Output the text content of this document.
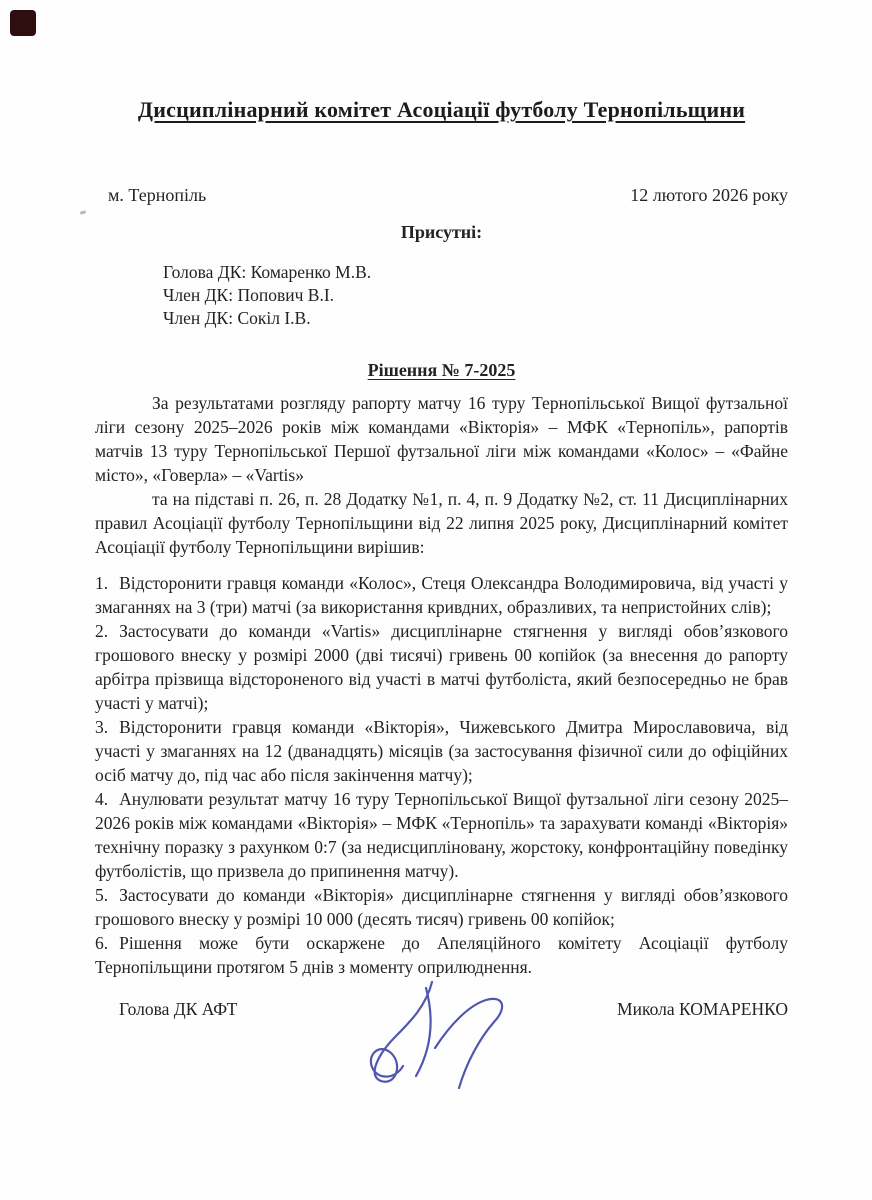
Дисциплінарний комітет Асоціації футболу Тернопільщини
м. Тернопіль	12 лютого 2026 року
Присутні:
Голова ДК: Комаренко М.В.
Член ДК: Попович В.І.
Член ДК: Сокіл І.В.
Рішення № 7-2025

За результатами розгляду рапорту матчу 16 туру Тернопільської Вищої футзальної ліги сезону 2025–2026 років між командами «Вікторія» – МФК «Тернопіль», рапортів матчів 13 туру Тернопільської Першої футзальної ліги між командами «Колос» – «Файне місто», «Говерла» – «Vartis»

та на підставі п. 26, п. 28 Додатку №1, п. 4, п. 9 Додатку №2, ст. 11 Дисциплінарних правил Асоціації футболу Тернопільщини від 22 липня 2025 року, Дисциплінарний комітет Асоціації футболу Тернопільщини вирішив:

1. Відсторонити гравця команди «Колос», Стеця Олександра Володимировича, від участі у змаганнях на 3 (три) матчі (за використання кривдних, образливих, та непристойних слів);

2. Застосувати до команди «Vartis» дисциплінарне стягнення у вигляді обов’язкового грошового внеску у розмірі 2000 (дві тисячі) гривень 00 копійок (за внесення до рапорту арбітра прізвища відстороненого від участі в матчі футболіста, який безпосередньо не брав участі у матчі);

3. Відсторонити гравця команди «Вікторія», Чижевського Дмитра Мирославовича, від участі у змаганнях на 12 (дванадцять) місяців (за застосування фізичної сили до офіційних осіб матчу до, під час або після закінчення матчу);

4. Анулювати результат матчу 16 туру Тернопільської Вищої футзальної ліги сезону 2025–2026 років між командами «Вікторія» – МФК «Тернопіль» та зарахувати команді «Вікторія» технічну поразку з рахунком 0:7 (за недисципліновану, жорстоку, конфронтаційну поведінку футболістів, що призвела до припинення матчу).

5. Застосувати до команди «Вікторія» дисциплінарне стягнення у вигляді обов’язкового грошового внеску у розмірі 10 000 (десять тисяч) гривень 00 копійок;

6. Рішення може бути оскаржене до Апеляційного комітету Асоціації футболу Тернопільщини протягом 5 днів з моменту оприлюднення.

Голова ДК АФТ	Микола КОМАРЕНКО
